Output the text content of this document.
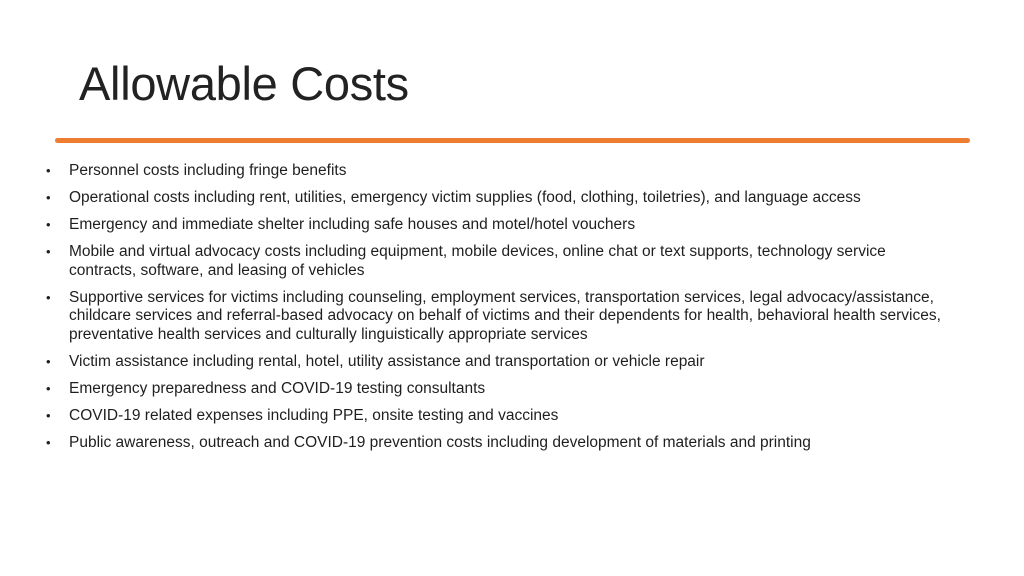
Allowable Costs
• Personnel costs including fringe benefits
• Operational costs including rent, utilities, emergency victim supplies (food, clothing, toiletries), and language access
• Emergency and immediate shelter including safe houses and motel/hotel vouchers
• Mobile and virtual advocacy costs including equipment, mobile devices, online chat or text supports, technology service contracts, software, and leasing of vehicles
• Supportive services for victims including counseling, employment services, transportation services, legal advocacy/assistance, childcare services and referral-based advocacy on behalf of victims and their dependents for health, behavioral health services, preventative health services and culturally linguistically appropriate services
• Victim assistance including rental, hotel, utility assistance and transportation or vehicle repair
• Emergency preparedness and COVID-19 testing consultants
• COVID-19 related expenses including PPE, onsite testing and vaccines
• Public awareness, outreach and COVID-19 prevention costs including development of materials and printing
